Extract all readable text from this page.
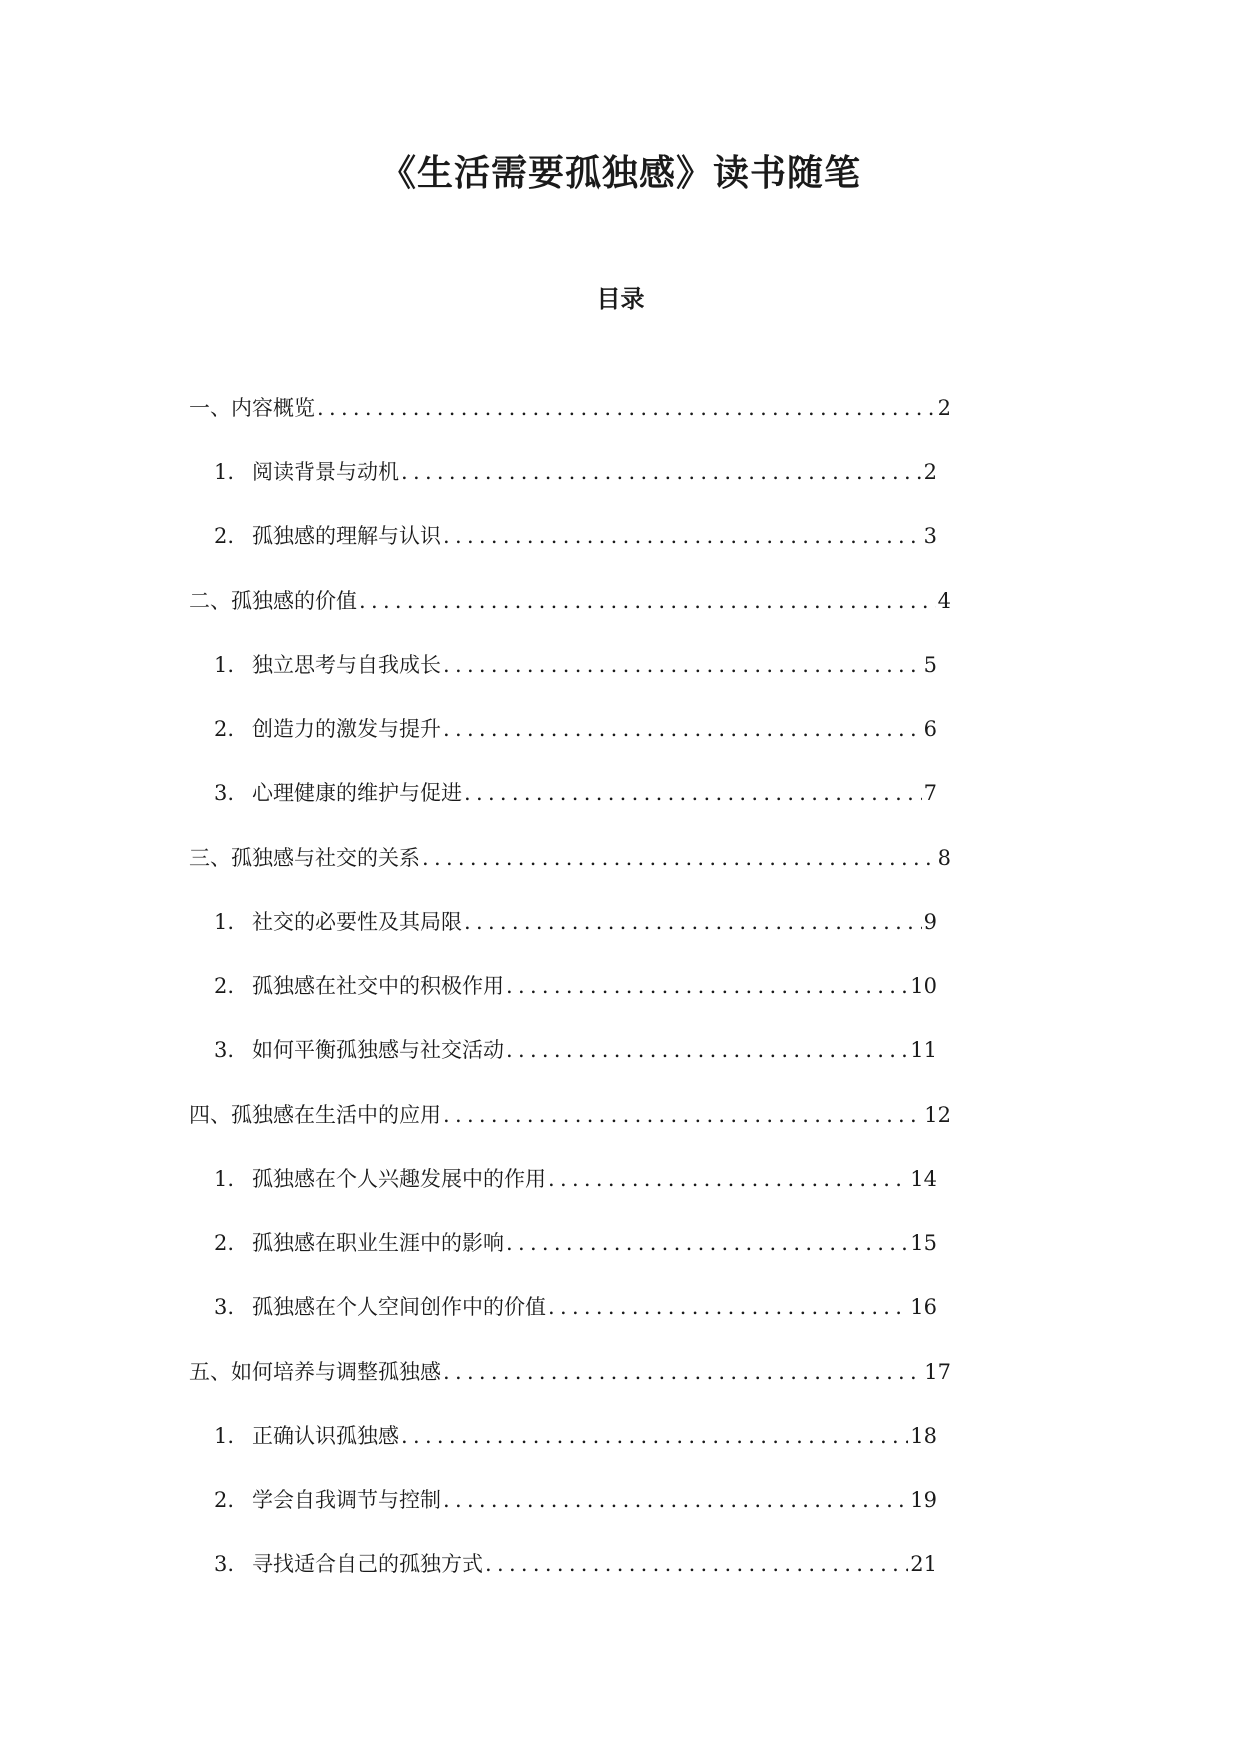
《生活需要孤独感》读书随笔
目录
一、内容概览 .....	2
1. 阅读背景与动机 .....	2
2. 孤独感的理解与认识 .....	3
二、孤独感的价值 .....	4
1. 独立思考与自我成长 .....	5
2. 创造力的激发与提升 .....	6
3. 心理健康的维护与促进 .....	7
三、孤独感与社交的关系 .....	8
1. 社交的必要性及其局限 .....	9
2. 孤独感在社交中的积极作用 .....	10
3. 如何平衡孤独感与社交活动 .....	11
四、孤独感在生活中的应用 .....	12
1. 孤独感在个人兴趣发展中的作用 .....	14
2. 孤独感在职业生涯中的影响 .....	15
3. 孤独感在个人空间创作中的价值 .....	16
五、如何培养与调整孤独感 .....	17
1. 正确认识孤独感 .....	18
2. 学会自我调节与控制 .....	19
3. 寻找适合自己的孤独方式 .....	21
